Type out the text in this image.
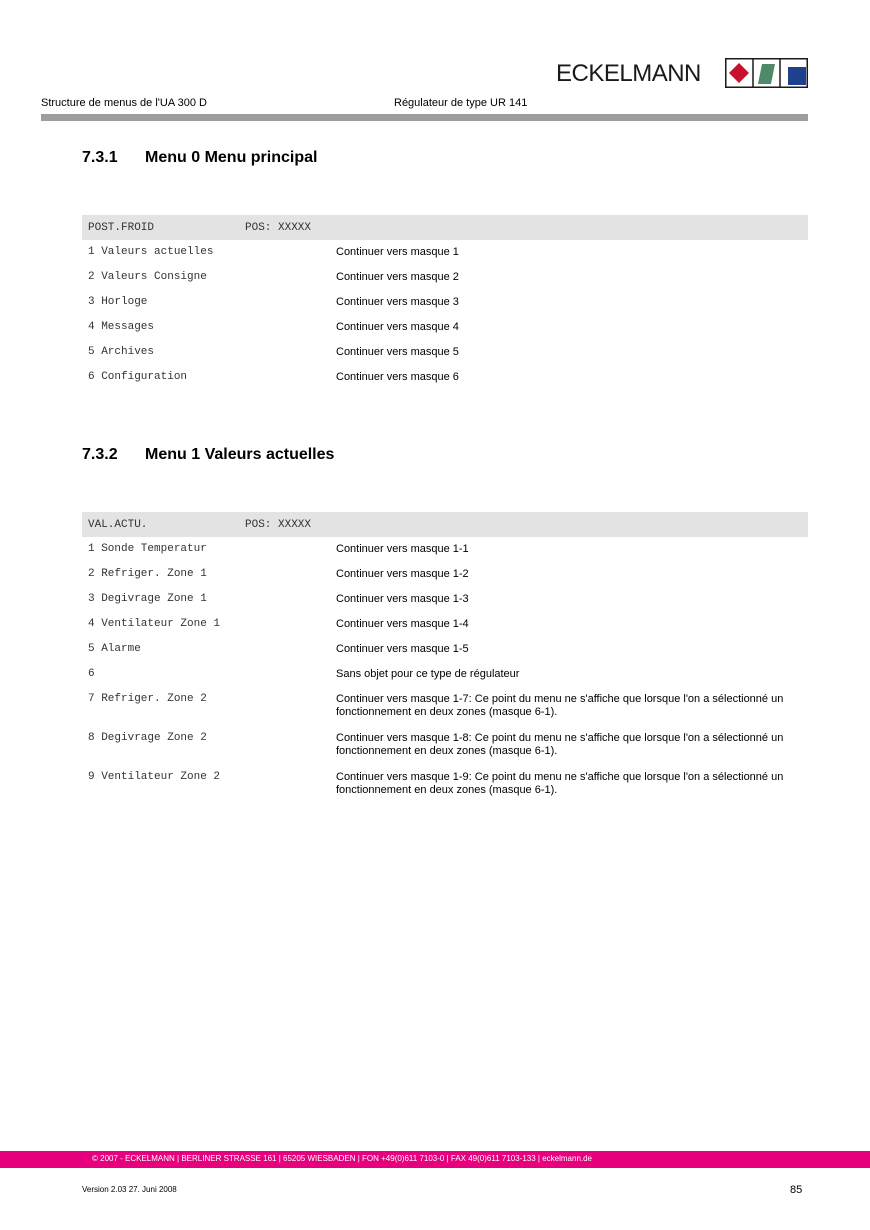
ECKELMANN
Structure de menus de l'UA 300 D	Régulateur de type UR 141
7.3.1 Menu 0 Menu principal
POST.FROID	POS: XXXXX
1 Valeurs actuelles	Continuer vers masque 1
2 Valeurs Consigne	Continuer vers masque 2
3 Horloge	Continuer vers masque 3
4 Messages	Continuer vers masque 4
5 Archives	Continuer vers masque 5
6 Configuration	Continuer vers masque 6
7.3.2 Menu 1 Valeurs actuelles
VAL.ACTU.	POS: XXXXX
1 Sonde Temperatur	Continuer vers masque 1-1
2 Refriger. Zone 1	Continuer vers masque 1-2
3 Degivrage Zone 1	Continuer vers masque 1-3
4 Ventilateur Zone 1	Continuer vers masque 1-4
5 Alarme	Continuer vers masque 1-5
6	Sans objet pour ce type de régulateur
7 Refriger. Zone 2	Continuer vers masque 1-7: Ce point du menu ne s'affiche que lorsque l'on a sélectionné un fonctionnement en deux zones (masque 6-1).
8 Degivrage Zone 2	Continuer vers masque 1-8: Ce point du menu ne s'affiche que lorsque l'on a sélectionné un fonctionnement en deux zones (masque 6-1).
9 Ventilateur Zone 2	Continuer vers masque 1-9: Ce point du menu ne s'affiche que lorsque l'on a sélectionné un fonctionnement en deux zones (masque 6-1).
© 2007 - ECKELMANN | BERLINER STRASSE 161 | 65205 WIESBADEN | FON +49(0)611 7103-0 | FAX 49(0)611 7103-133 | eckelmann.de
Version 2.03 27. Juni 2008	85
